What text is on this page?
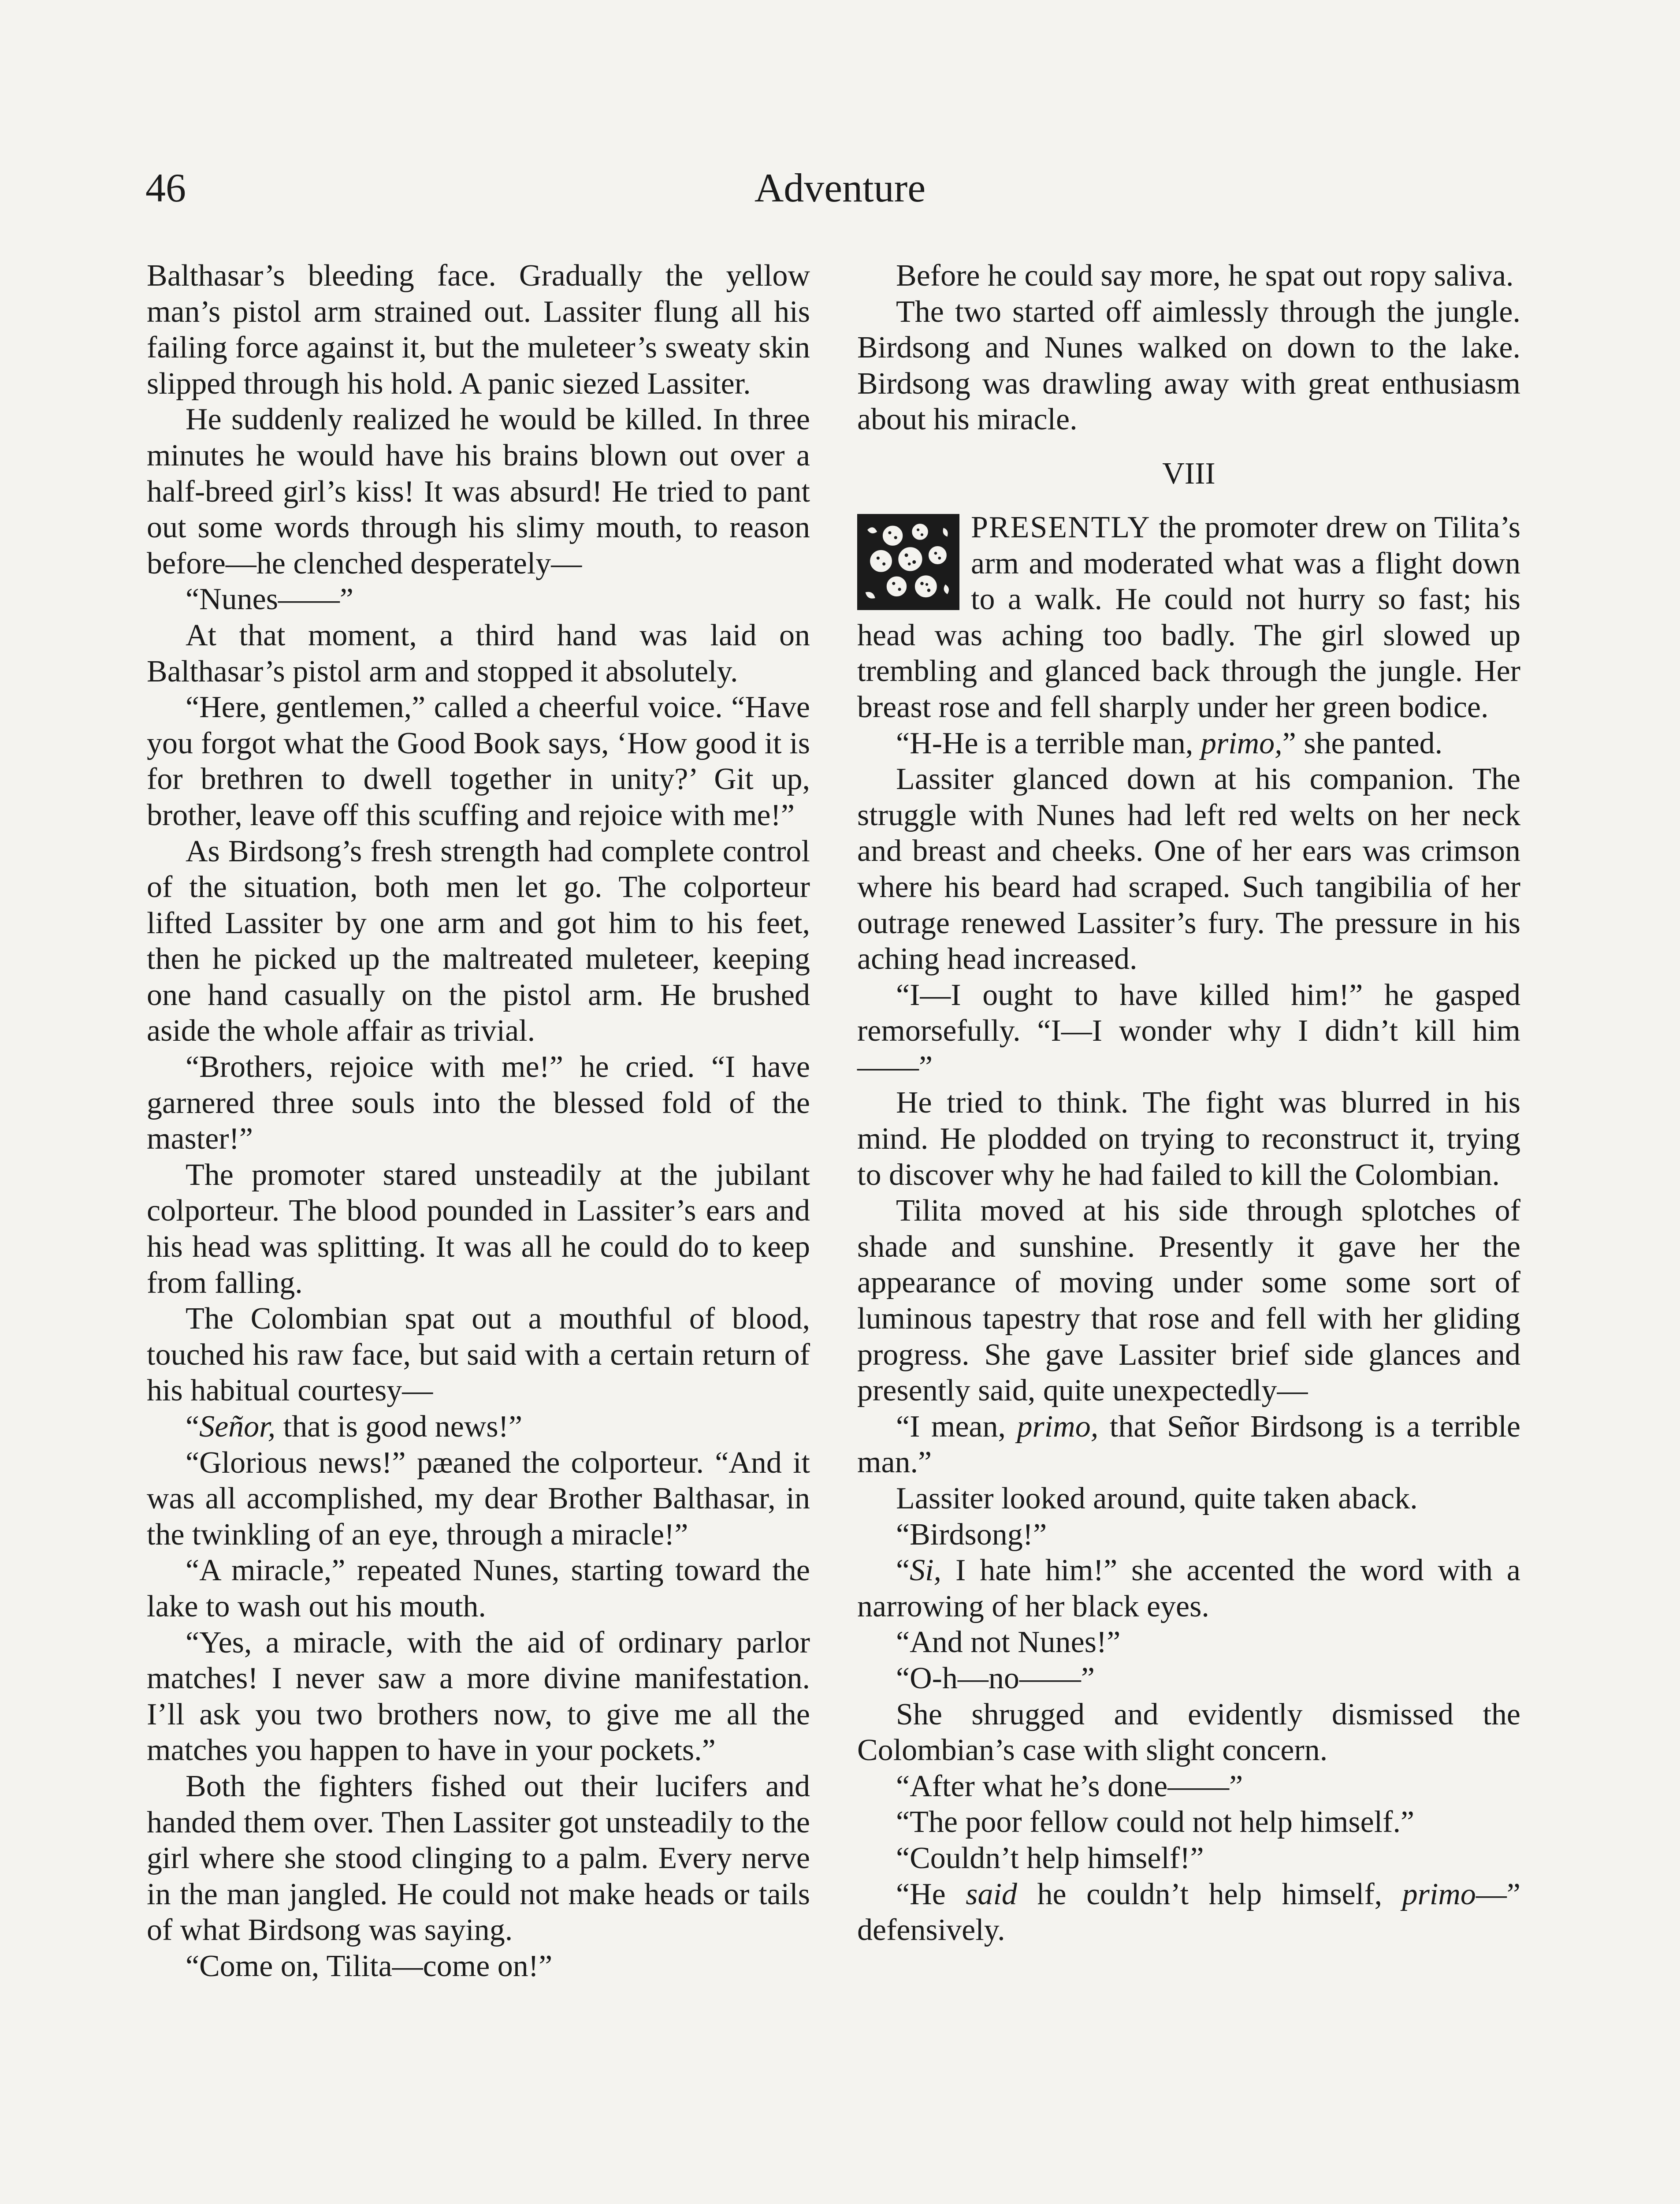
46	Adventure

Balthasar’s bleeding face. Gradually the yellow man’s pistol arm strained out. Lassiter flung all his failing force against it, but the muleteer’s sweaty skin slipped through his hold. A panic siezed Lassiter.

He suddenly realized he would be killed. In three minutes he would have his brains blown out over a half-breed girl’s kiss! It was absurd! He tried to pant out some words through his slimy mouth, to reason before—he clenched desperately—

“Nunes——”

At that moment, a third hand was laid on Balthasar’s pistol arm and stopped it absolutely.

“Here, gentlemen,” called a cheerful voice. “Have you forgot what the Good Book says, ‘How good it is for brethren to dwell together in unity?’ Git up, brother, leave off this scuffing and rejoice with me!”

As Birdsong’s fresh strength had complete control of the situation, both men let go. The colporteur lifted Lassiter by one arm and got him to his feet, then he picked up the maltreated muleteer, keeping one hand casually on the pistol arm. He brushed aside the whole affair as trivial.

“Brothers, rejoice with me!” he cried. “I have garnered three souls into the blessed fold of the master!”

The promoter stared unsteadily at the jubilant colporteur. The blood pounded in Lassiter’s ears and his head was splitting. It was all he could do to keep from falling.

The Colombian spat out a mouthful of blood, touched his raw face, but said with a certain return of his habitual courtesy—

“Señor, that is good news!”

“Glorious news!” pæaned the colporteur. “And it was all accomplished, my dear Brother Balthasar, in the twinkling of an eye, through a miracle!”

“A miracle,” repeated Nunes, starting toward the lake to wash out his mouth.

“Yes, a miracle, with the aid of ordinary parlor matches! I never saw a more divine manifestation. I’ll ask you two brothers now, to give me all the matches you happen to have in your pockets.”

Both the fighters fished out their lucifers and handed them over. Then Lassiter got unsteadily to the girl where she stood clinging to a palm. Every nerve in the man jangled. He could not make heads or tails of what Birdsong was saying.

“Come on, Tilita—come on!”

Before he could say more, he spat out ropy saliva.

The two started off aimlessly through the jungle. Birdsong and Nunes walked on down to the lake. Birdsong was drawling away with great enthusiasm about his miracle.

VIII

PRESENTLY the promoter drew on Tilita’s arm and moderated what was a flight down to a walk. He could not hurry so fast; his head was aching too badly. The girl slowed up trembling and glanced back through the jungle. Her breast rose and fell sharply under her green bodice.

“H-He is a terrible man, primo,” she panted.

Lassiter glanced down at his companion. The struggle with Nunes had left red welts on her neck and breast and cheeks. One of her ears was crimson where his beard had scraped. Such tangibilia of her outrage renewed Lassiter’s fury. The pressure in his aching head increased.

“I—I ought to have killed him!” he gasped remorsefully. “I—I wonder why I didn’t kill him——”

He tried to think. The fight was blurred in his mind. He plodded on trying to reconstruct it, trying to discover why he had failed to kill the Colombian.

Tilita moved at his side through splotches of shade and sunshine. Presently it gave her the appearance of moving under some some sort of luminous tapestry that rose and fell with her gliding progress. She gave Lassiter brief side glances and presently said, quite unexpectedly—

“I mean, primo, that Señor Birdsong is a terrible man.”

Lassiter looked around, quite taken aback.

“Birdsong!”

“Si, I hate him!” she accented the word with a narrowing of her black eyes.

“And not Nunes!”

“O-h—no——”

She shrugged and evidently dismissed the Colombian’s case with slight concern.

“After what he’s done——”

“The poor fellow could not help himself.”

“Couldn’t help himself!”

“He said he couldn’t help himself, primo—” defensively.
